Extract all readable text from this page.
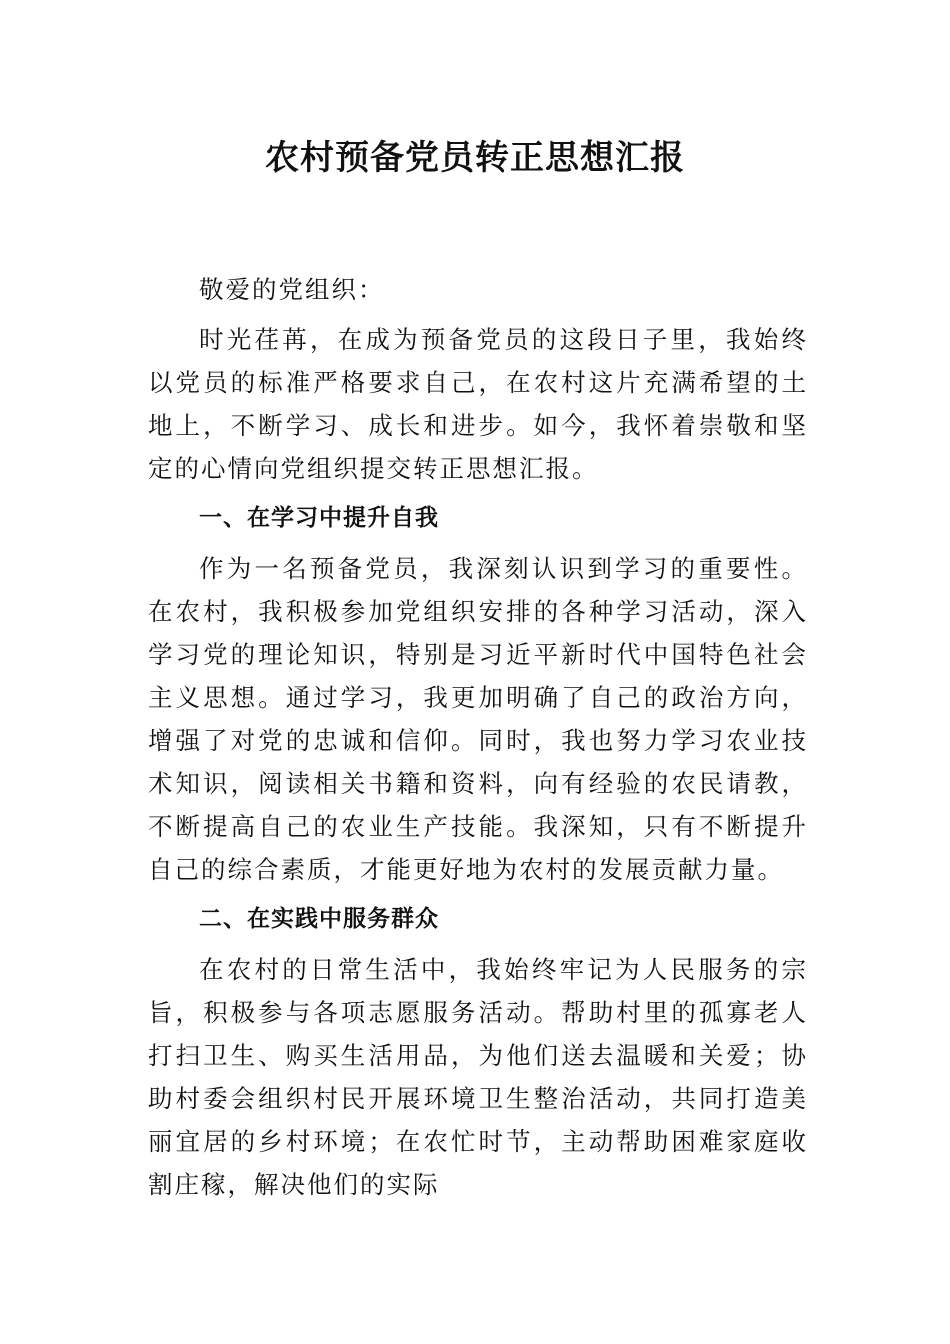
农村预备党员转正思想汇报

敬爱的党组织：

时光荏苒，在成为预备党员的这段日子里，我始终以党员的标准严格要求自己，在农村这片充满希望的土地上，不断学习、成长和进步。如今，我怀着崇敬和坚定的心情向党组织提交转正思想汇报。

一、在学习中提升自我

作为一名预备党员，我深刻认识到学习的重要性。在农村，我积极参加党组织安排的各种学习活动，深入学习党的理论知识，特别是习近平新时代中国特色社会主义思想。通过学习，我更加明确了自己的政治方向，增强了对党的忠诚和信仰。同时，我也努力学习农业技术知识，阅读相关书籍和资料，向有经验的农民请教，不断提高自己的农业生产技能。我深知，只有不断提升自己的综合素质，才能更好地为农村的发展贡献力量。

二、在实践中服务群众

在农村的日常生活中，我始终牢记为人民服务的宗旨，积极参与各项志愿服务活动。帮助村里的孤寡老人打扫卫生、购买生活用品，为他们送去温暖和关爱；协助村委会组织村民开展环境卫生整治活动，共同打造美丽宜居的乡村环境；在农忙时节，主动帮助困难家庭收割庄稼，解决他们的实际
